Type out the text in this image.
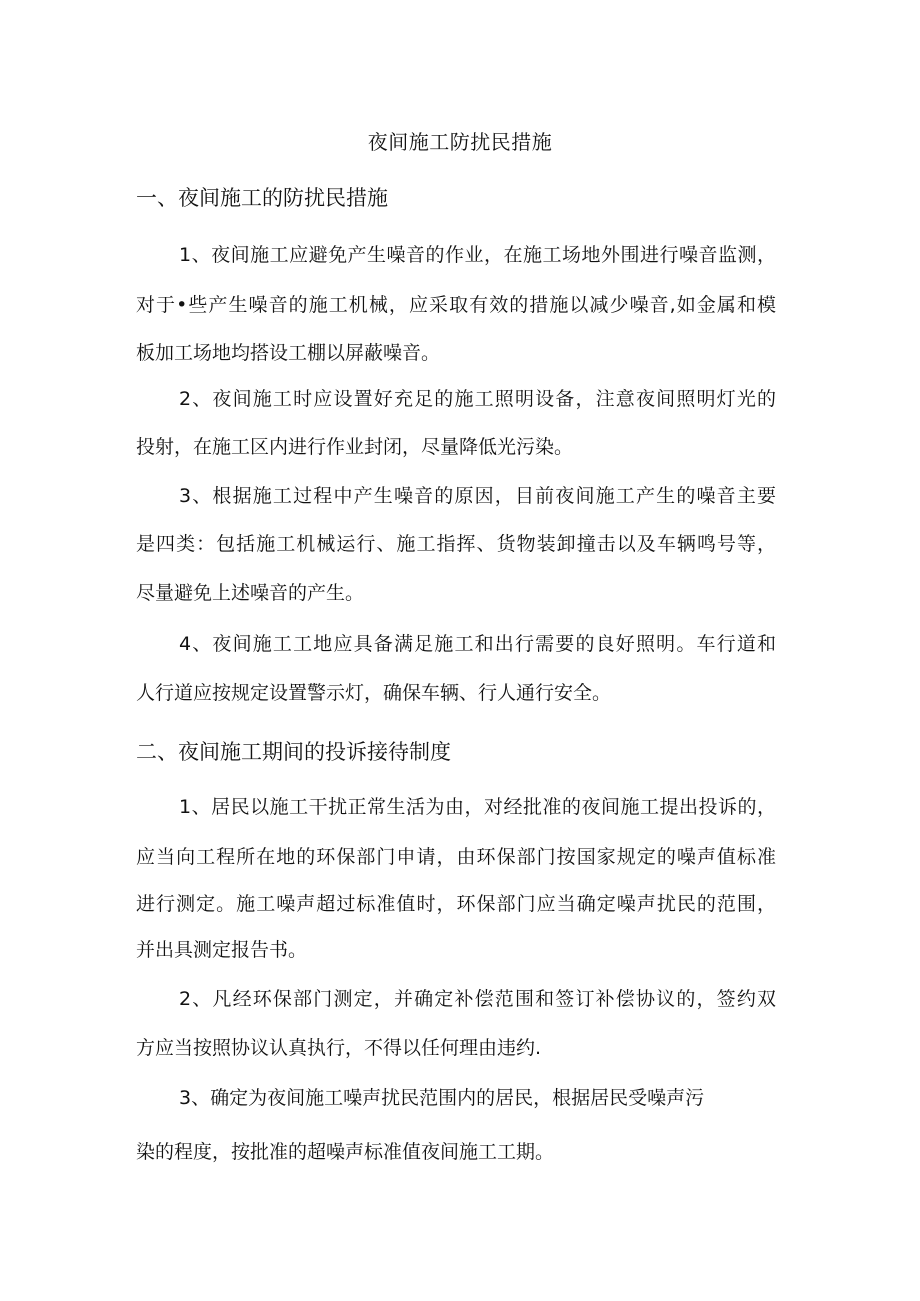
夜间施工防扰民措施
一、夜间施工的防扰民措施
1、夜间施工应避免产生噪音的作业，在施工场地外围进行噪音监测，
对于•些产生噪音的施工机械，应采取有效的措施以减少噪音,如金属和模
板加工场地均搭设工棚以屏蔽噪音。
2、夜间施工时应设置好充足的施工照明设备，注意夜间照明灯光的
投射，在施工区内进行作业封闭，尽量降低光污染。
3、根据施工过程中产生噪音的原因，目前夜间施工产生的噪音主要
是四类：包括施工机械运行、施工指挥、货物装卸撞击以及车辆鸣号等，
尽量避免上述噪音的产生。
4、夜间施工工地应具备满足施工和出行需要的良好照明。车行道和
人行道应按规定设置警示灯，确保车辆、行人通行安全。
二、夜间施工期间的投诉接待制度
1、居民以施工干扰正常生活为由，对经批准的夜间施工提出投诉的，
应当向工程所在地的环保部门申请，由环保部门按国家规定的噪声值标准
进行测定。施工噪声超过标准值时，环保部门应当确定噪声扰民的范围，
并出具测定报告书。
2、凡经环保部门测定，并确定补偿范围和签订补偿协议的，签约双
方应当按照协议认真执行，不得以任何理由违约.
3、确定为夜间施工噪声扰民范围内的居民，根据居民受噪声污
染的程度，按批准的超噪声标准值夜间施工工期。
